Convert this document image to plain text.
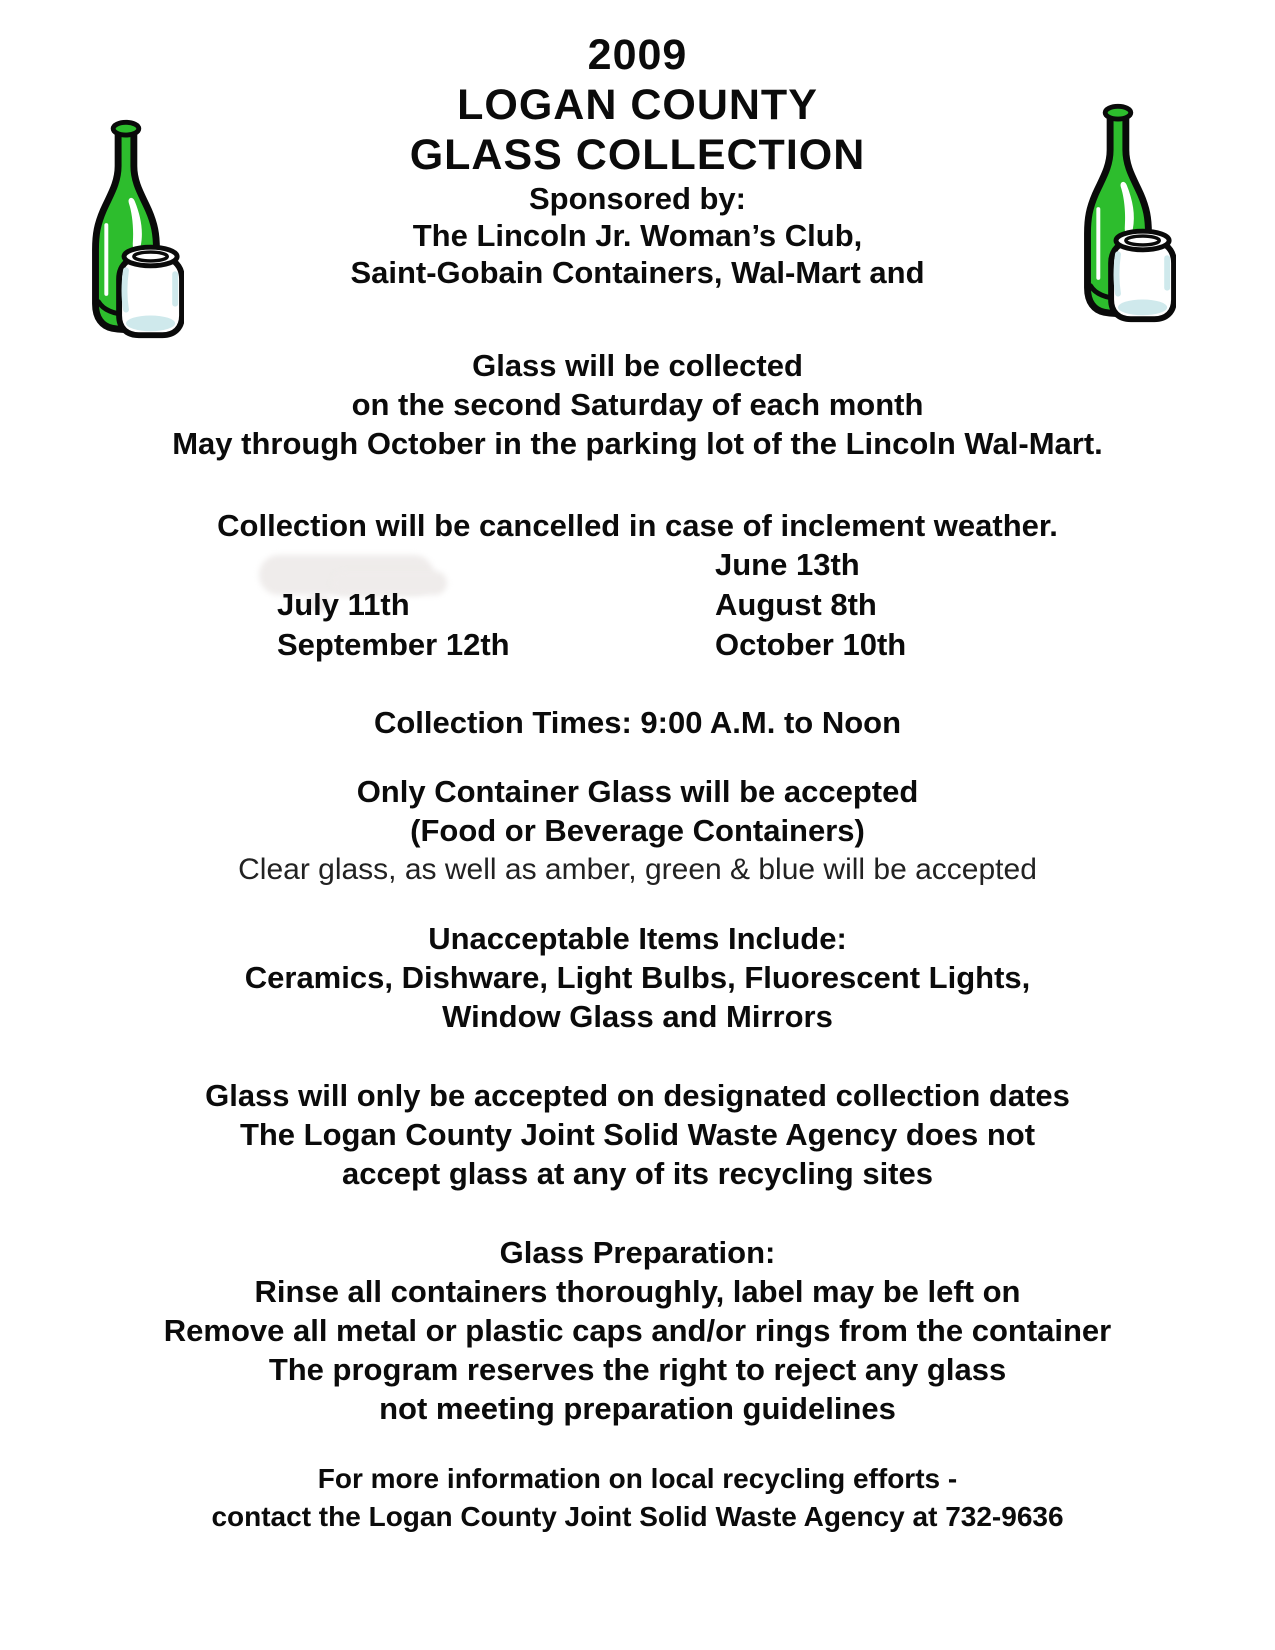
2009
LOGAN COUNTY
GLASS COLLECTION
Sponsored by:
The Lincoln Jr. Woman’s Club,
Saint-Gobain Containers, Wal-Mart and
Glass will be collected
on the second Saturday of each month
May through October in the parking lot of the Lincoln Wal-Mart.
Collection will be cancelled in case of inclement weather.
June 13th
July 11th	August 8th
September 12th	October 10th
Collection Times: 9:00 A.M. to Noon
Only Container Glass will be accepted
(Food or Beverage Containers)
Clear glass, as well as amber, green & blue will be accepted
Unacceptable Items Include:
Ceramics, Dishware, Light Bulbs, Fluorescent Lights,
Window Glass and Mirrors
Glass will only be accepted on designated collection dates
The Logan County Joint Solid Waste Agency does not
accept glass at any of its recycling sites
Glass Preparation:
Rinse all containers thoroughly, label may be left on
Remove all metal or plastic caps and/or rings from the container
The program reserves the right to reject any glass
not meeting preparation guidelines
For more information on local recycling efforts -
contact the Logan County Joint Solid Waste Agency at 732-9636
